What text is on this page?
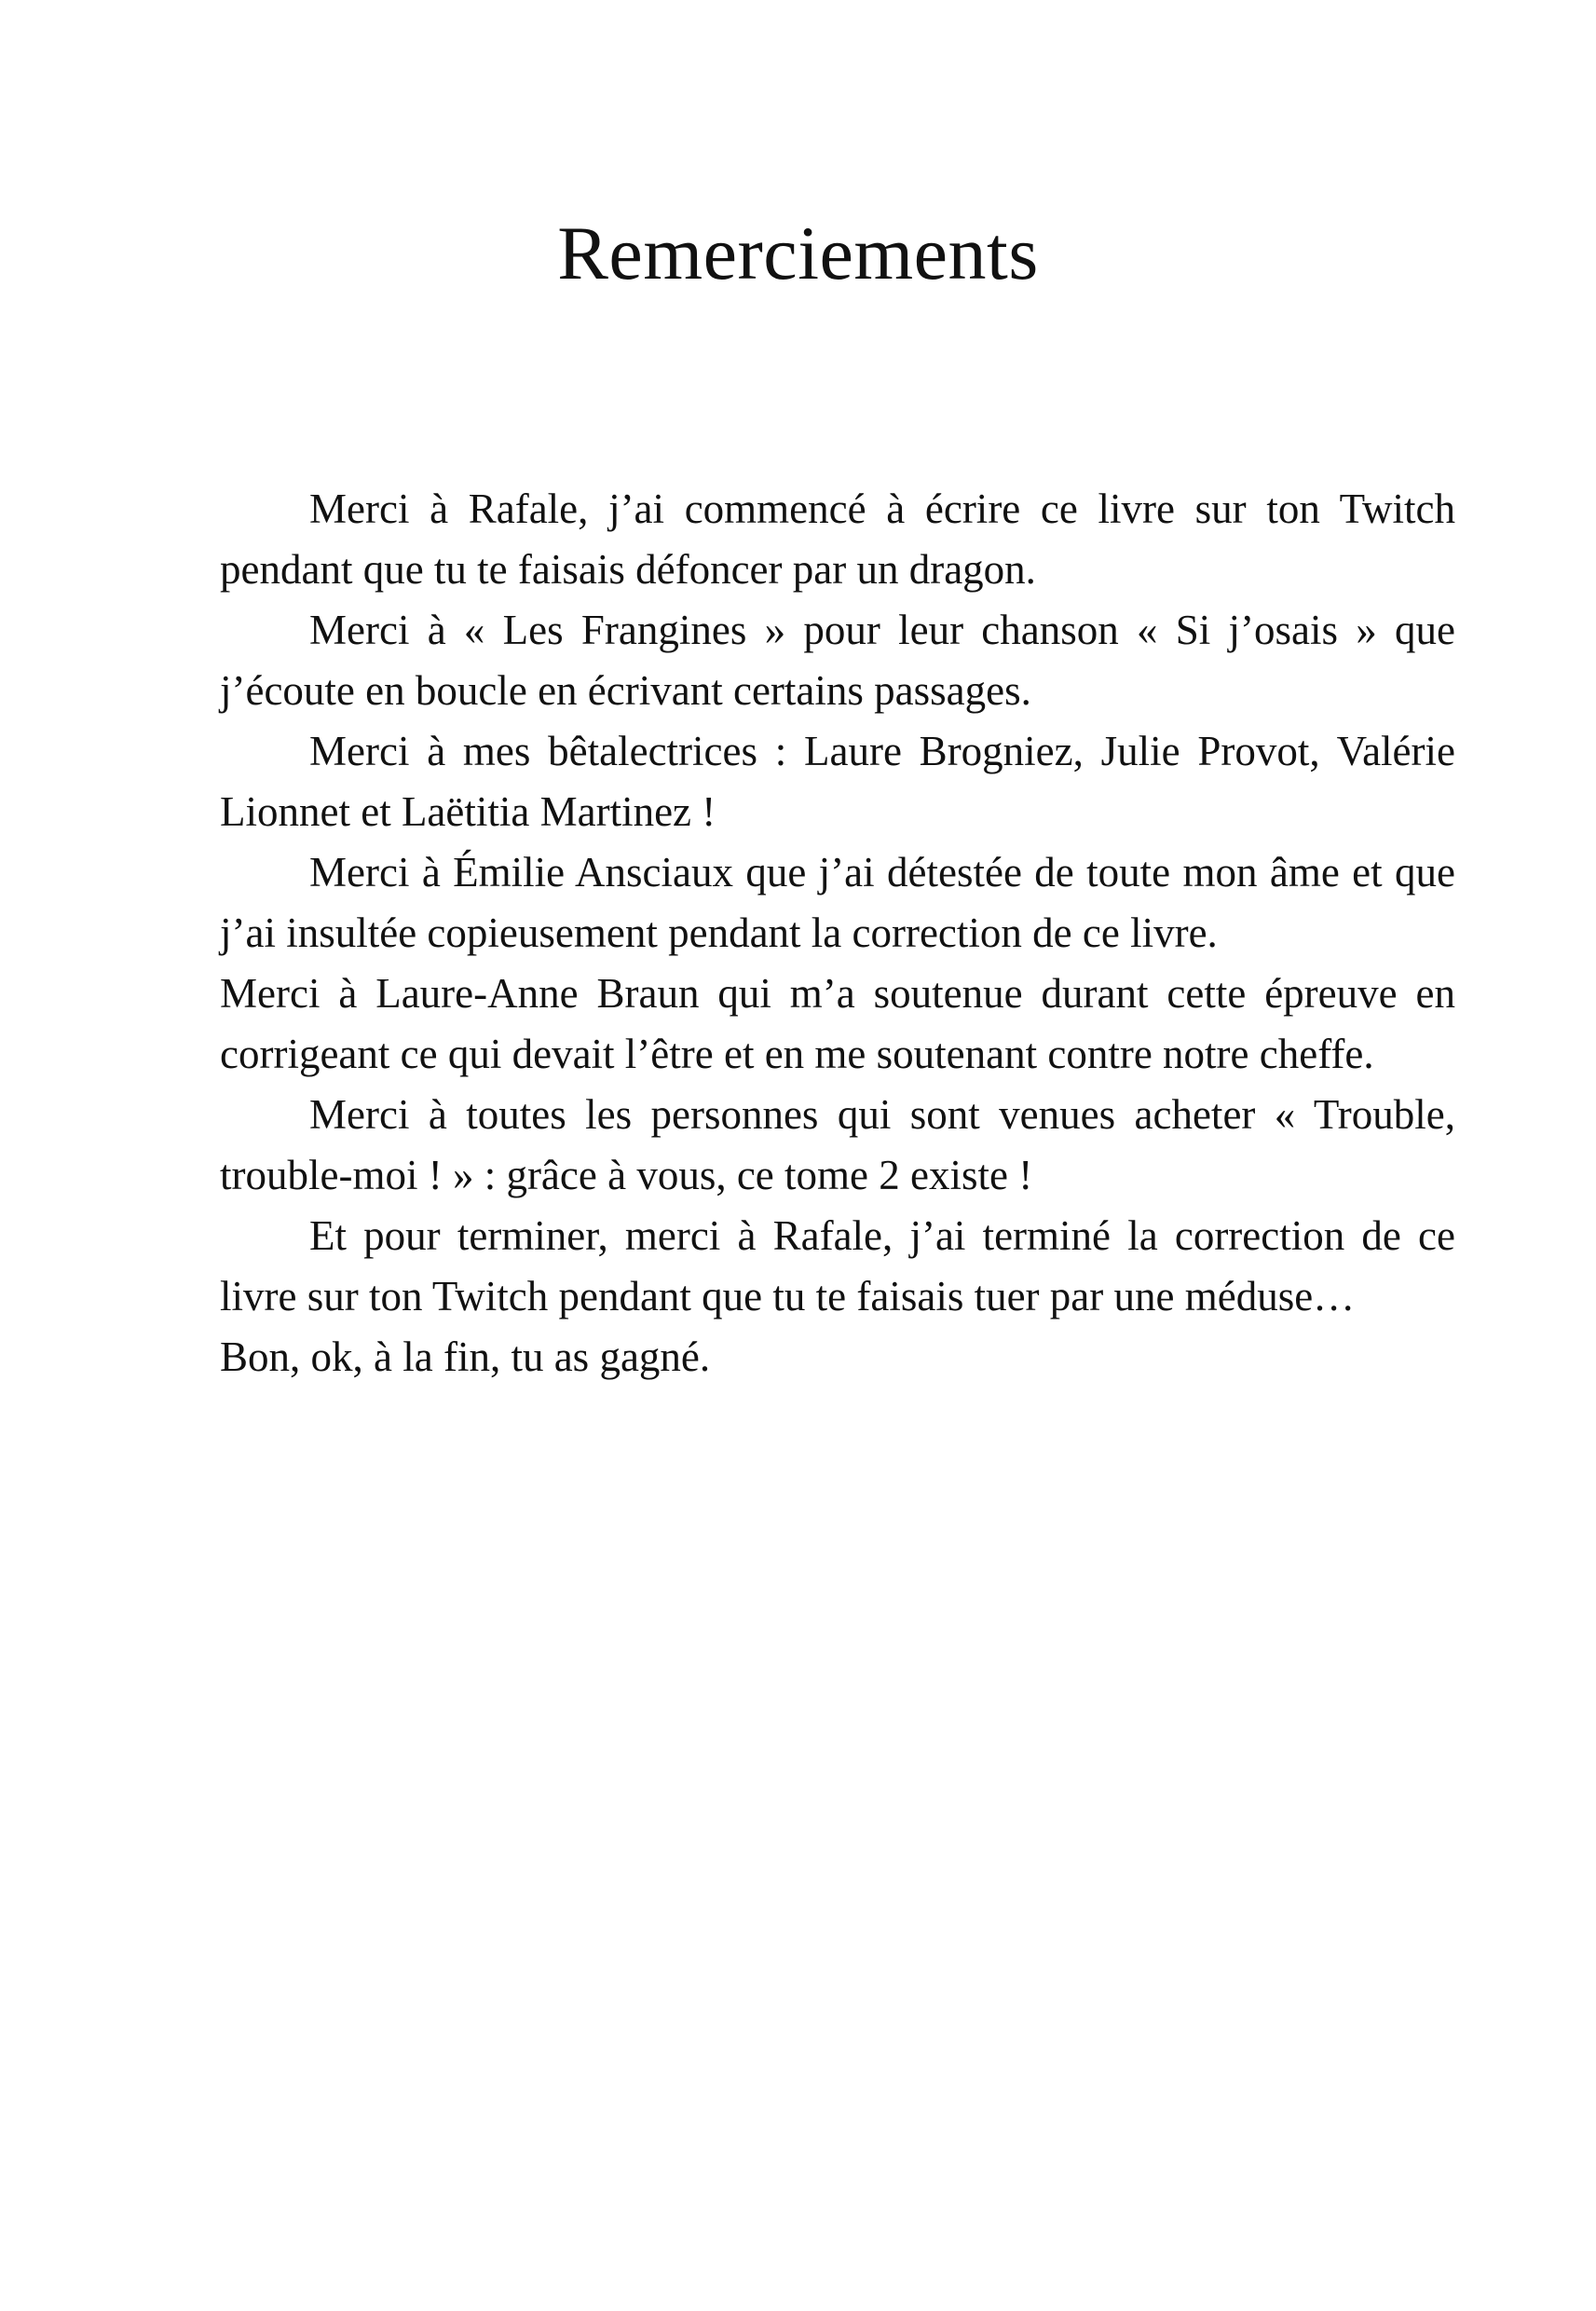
Remerciements

Merci à Rafale, j’ai commencé à écrire ce livre sur ton Twitch pendant que tu te faisais défoncer par un dragon.

Merci à « Les Frangines » pour leur chanson « Si j’osais » que j’écoute en boucle en écrivant certains passages.

Merci à mes bêtalectrices : Laure Brogniez, Julie Provot, Valérie Lionnet et Laëtitia Martinez !

Merci à Émilie Ansciaux que j’ai détestée de toute mon âme et que j’ai insultée copieusement pendant la correction de ce livre.

Merci à Laure-Anne Braun qui m’a soutenue durant cette épreuve en corrigeant ce qui devait l’être et en me soutenant contre notre cheffe.

Merci à toutes les personnes qui sont venues acheter « Trouble, trouble-moi ! » : grâce à vous, ce tome 2 existe !

Et pour terminer, merci à Rafale, j’ai terminé la correction de ce livre sur ton Twitch pendant que tu te faisais tuer par une méduse…

Bon, ok, à la fin, tu as gagné.
